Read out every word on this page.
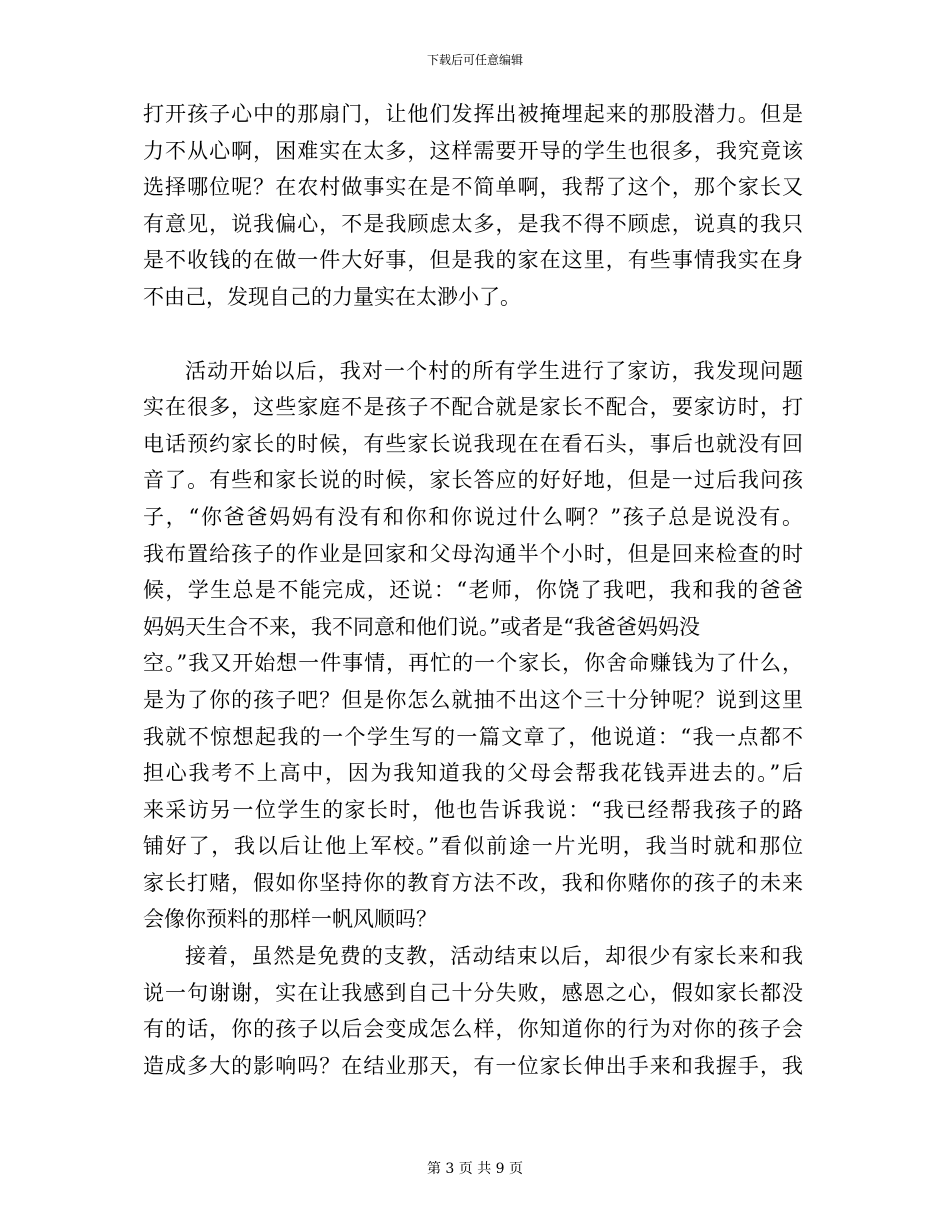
下载后可任意编辑
打开孩子心中的那扇门，让他们发挥出被掩埋起来的那股潜力。但是
力不从心啊，困难实在太多，这样需要开导的学生也很多，我究竟该
选择哪位呢？在农村做事实在是不简单啊，我帮了这个，那个家长又
有意见，说我偏心，不是我顾虑太多，是我不得不顾虑，说真的我只
是不收钱的在做一件大好事，但是我的家在这里，有些事情我实在身
不由己，发现自己的力量实在太渺小了。
活动开始以后，我对一个村的所有学生进行了家访，我发现问题
实在很多，这些家庭不是孩子不配合就是家长不配合，要家访时，打
电话预约家长的时候，有些家长说我现在在看石头，事后也就没有回
音了。有些和家长说的时候，家长答应的好好地，但是一过后我问孩
子，“你爸爸妈妈有没有和你和你说过什么啊？”孩子总是说没有。
我布置给孩子的作业是回家和父母沟通半个小时，但是回来检查的时
候，学生总是不能完成，还说：“老师，你饶了我吧，我和我的爸爸
妈妈天生合不来，我不同意和他们说。”或者是“我爸爸妈妈没
空。”我又开始想一件事情，再忙的一个家长，你舍命赚钱为了什么，
是为了你的孩子吧？但是你怎么就抽不出这个三十分钟呢？说到这里
我就不惊想起我的一个学生写的一篇文章了，他说道：“我一点都不
担心我考不上高中，因为我知道我的父母会帮我花钱弄进去的。”后
来采访另一位学生的家长时，他也告诉我说：“我已经帮我孩子的路
铺好了，我以后让他上军校。”看似前途一片光明，我当时就和那位
家长打赌，假如你坚持你的教育方法不改，我和你赌你的孩子的未来
会像你预料的那样一帆风顺吗？
接着，虽然是免费的支教，活动结束以后，却很少有家长来和我
说一句谢谢，实在让我感到自己十分失败，感恩之心，假如家长都没
有的话，你的孩子以后会变成怎么样，你知道你的行为对你的孩子会
造成多大的影响吗？在结业那天，有一位家长伸出手来和我握手，我
第 3 页 共 9 页
